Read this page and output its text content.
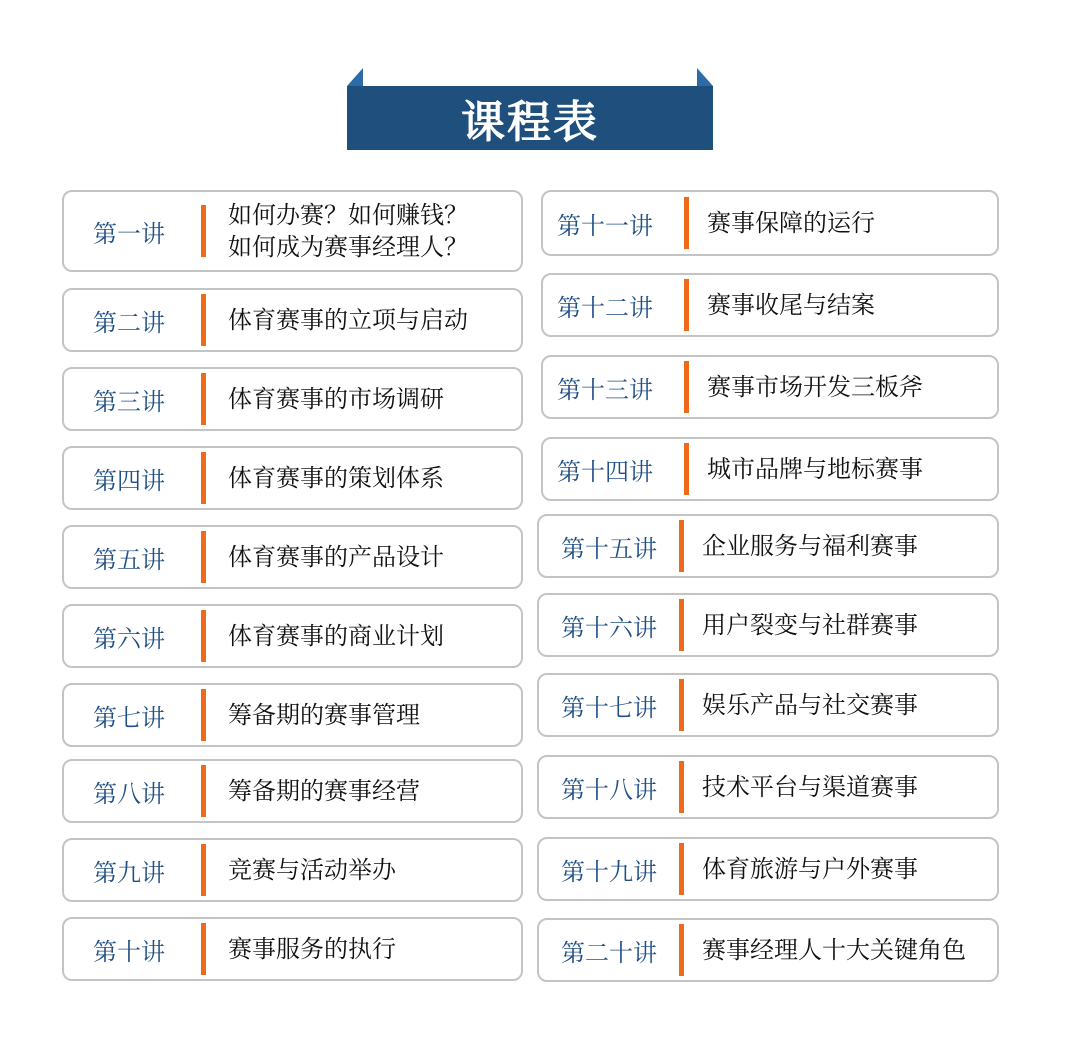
课程表
第一讲
如何办赛？如何赚钱？
如何成为赛事经理人？
第二讲	体育赛事的立项与启动
第三讲	体育赛事的市场调研
第四讲	体育赛事的策划体系
第五讲	体育赛事的产品设计
第六讲	体育赛事的商业计划
第七讲	筹备期的赛事管理
第八讲	筹备期的赛事经营
第九讲	竞赛与活动举办
第十讲	赛事服务的执行
第十一讲 赛事保障的运行
第十二讲 赛事收尾与结案
第十三讲 赛事市场开发三板斧
第十四讲 城市品牌与地标赛事
第十五讲 企业服务与福利赛事
第十六讲 用户裂变与社群赛事
第十七讲 娱乐产品与社交赛事
第十八讲 技术平台与渠道赛事
第十九讲 体育旅游与户外赛事
第二十讲 赛事经理人十大关键角色
